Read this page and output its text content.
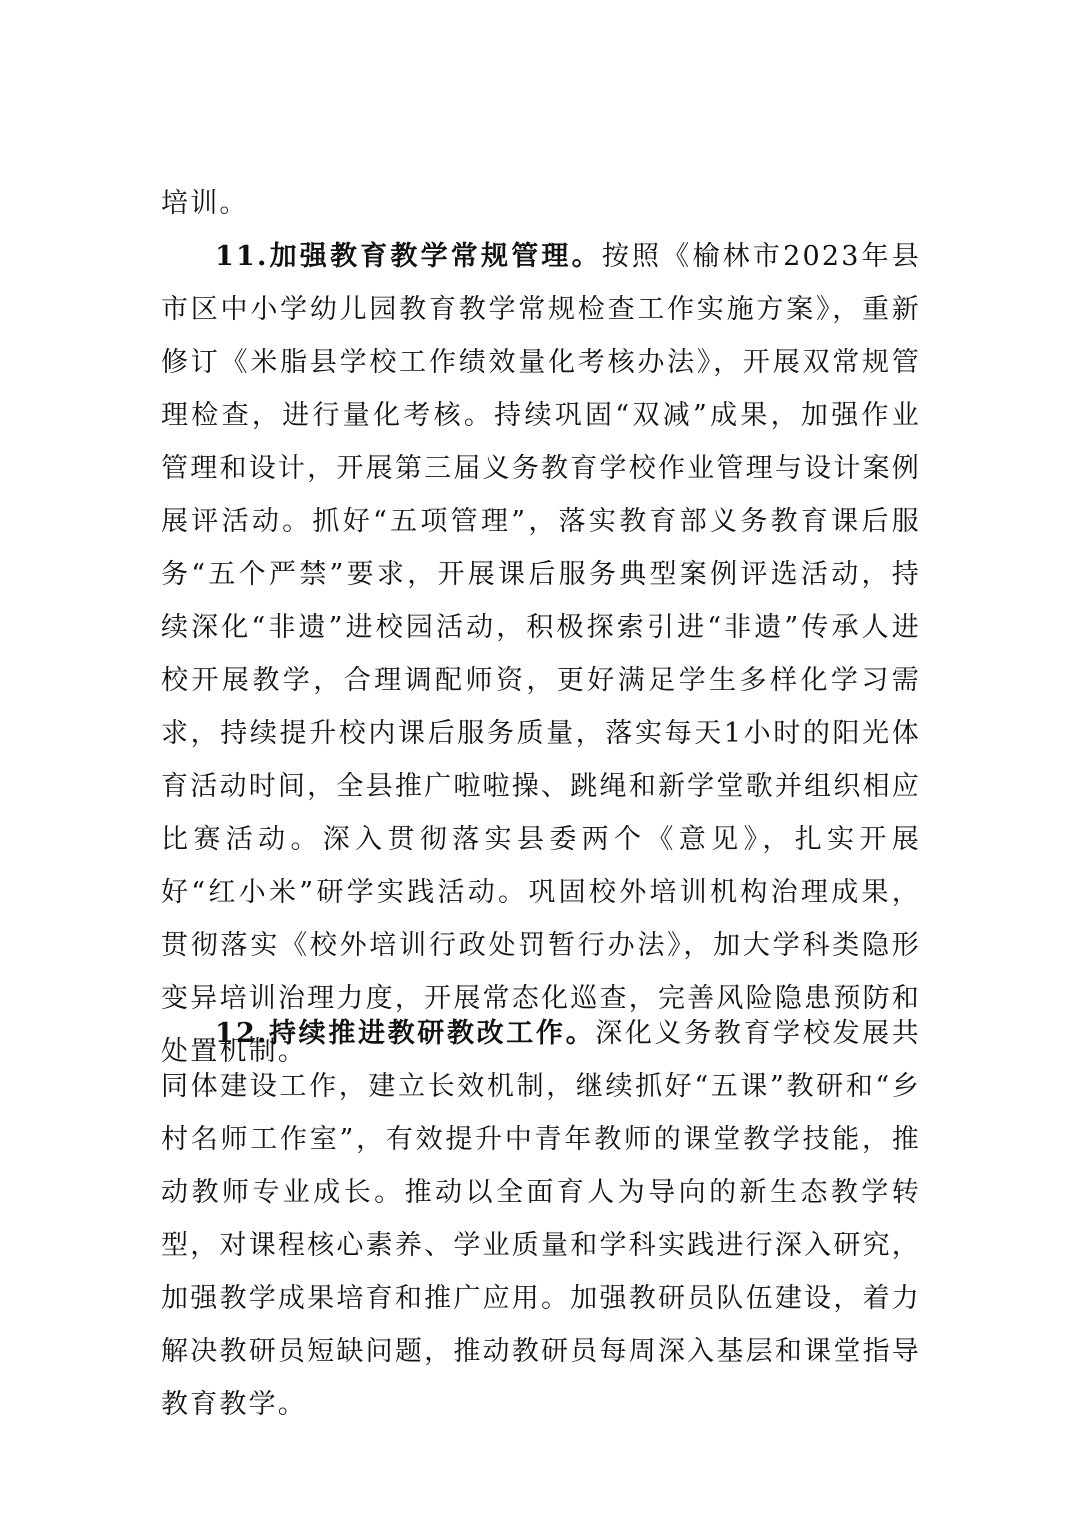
培训。
11.加强教育教学常规管理。按照《榆林市2023年县市区中小学幼儿园教育教学常规检查工作实施方案》，重新修订《米脂县学校工作绩效量化考核办法》，开展双常规管理检查，进行量化考核。持续巩固“双减”成果，加强作业管理和设计，开展第三届义务教育学校作业管理与设计案例展评活动。抓好“五项管理”，落实教育部义务教育课后服务“五个严禁”要求，开展课后服务典型案例评选活动，持续深化“非遗”进校园活动，积极探索引进“非遗”传承人进校开展教学，合理调配师资，更好满足学生多样化学习需求，持续提升校内课后服务质量，落实每天1小时的阳光体育活动时间，全县推广啦啦操、跳绳和新学堂歌并组织相应比赛活动。深入贯彻落实县委两个《意见》，扎实开展好“红小米”研学实践活动。巩固校外培训机构治理成果，贯彻落实《校外培训行政处罚暂行办法》，加大学科类隐形变异培训治理力度，开展常态化巡查，完善风险隐患预防和处置机制。
12.持续推进教研教改工作。深化义务教育学校发展共同体建设工作，建立长效机制，继续抓好“五课”教研和“乡村名师工作室”，有效提升中青年教师的课堂教学技能，推动教师专业成长。推动以全面育人为导向的新生态教学转型，对课程核心素养、学业质量和学科实践进行深入研究，加强教学成果培育和推广应用。加强教研员队伍建设，着力解决教研员短缺问题，推动教研员每周深入基层和课堂指导教育教学。
